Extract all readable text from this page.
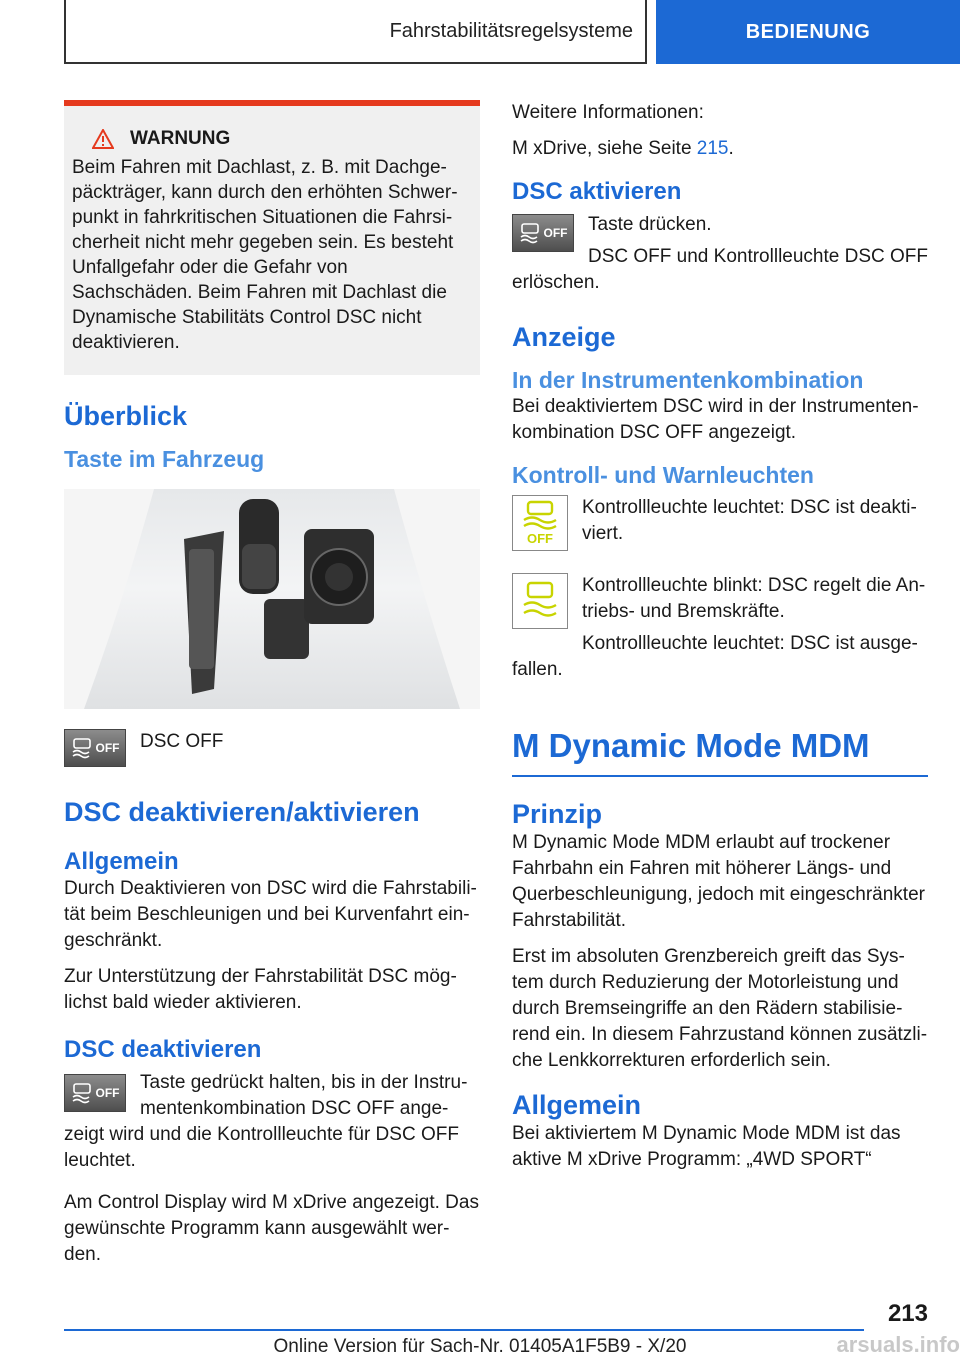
Fahrstabilitätsregelsysteme	BEDIENUNG
WARNUNG
Beim Fahren mit Dachlast, z. B. mit Dachgepäckträger, kann durch den erhöhten Schwerpunkt in fahrkritischen Situationen die Fahrsicherheit nicht mehr gegeben sein. Es besteht Unfallgefahr oder die Gefahr von Sachschäden. Beim Fahren mit Dachlast die Dynamische Stabilitäts Control DSC nicht deaktivieren.
Überblick
Taste im Fahrzeug
OFF DSC OFF

DSC deaktivieren/aktivieren
Allgemein

Durch Deaktivieren von DSC wird die Fahrstabilität beim Beschleunigen und bei Kurvenfahrt eingeschränkt.

Zur Unterstützung der Fahrstabilität DSC möglichst bald wieder aktivieren.

DSC deaktivieren
OFF	Taste gedrückt halten, bis in der Instrumentenkombination DSC OFF angezeigt wird und die Kontrollleuchte für DSC OFF leuchtet.

Am Control Display wird M xDrive angezeigt. Das gewünschte Programm kann ausgewählt werden.

Weitere Informationen:

M xDrive, siehe Seite 215.

DSC aktivieren
OFF	Taste drücken.

DSC OFF und Kontrollleuchte DSC OFF erlöschen.

Anzeige
In der Instrumentenkombination

Bei deaktiviertem DSC wird in der Instrumentenkombination DSC OFF angezeigt.

Kontroll- und Warnleuchten
OFF

Kontrollleuchte leuchtet: DSC ist deaktiviert.

Kontrollleuchte blinkt: DSC regelt die Antriebs- und Bremskräfte.

Kontrollleuchte leuchtet: DSC ist ausgefallen.

M Dynamic Mode MDM
Prinzip

M Dynamic Mode MDM erlaubt auf trockener Fahrbahn ein Fahren mit höherer Längs- und Querbeschleunigung, jedoch mit eingeschränkter Fahrstabilität.

Erst im absoluten Grenzbereich greift das System durch Reduzierung der Motorleistung und durch Bremseingriffe an den Rädern stabilisierend ein. In diesem Fahrzustand können zusätzliche Lenkkorrekturen erforderlich sein.

Allgemein

Bei aktiviertem M Dynamic Mode MDM ist das aktive M xDrive Programm: „4WD SPORT“

213
Online Version für Sach-Nr. 01405A1F5B9 - X/20	arsuals.info
